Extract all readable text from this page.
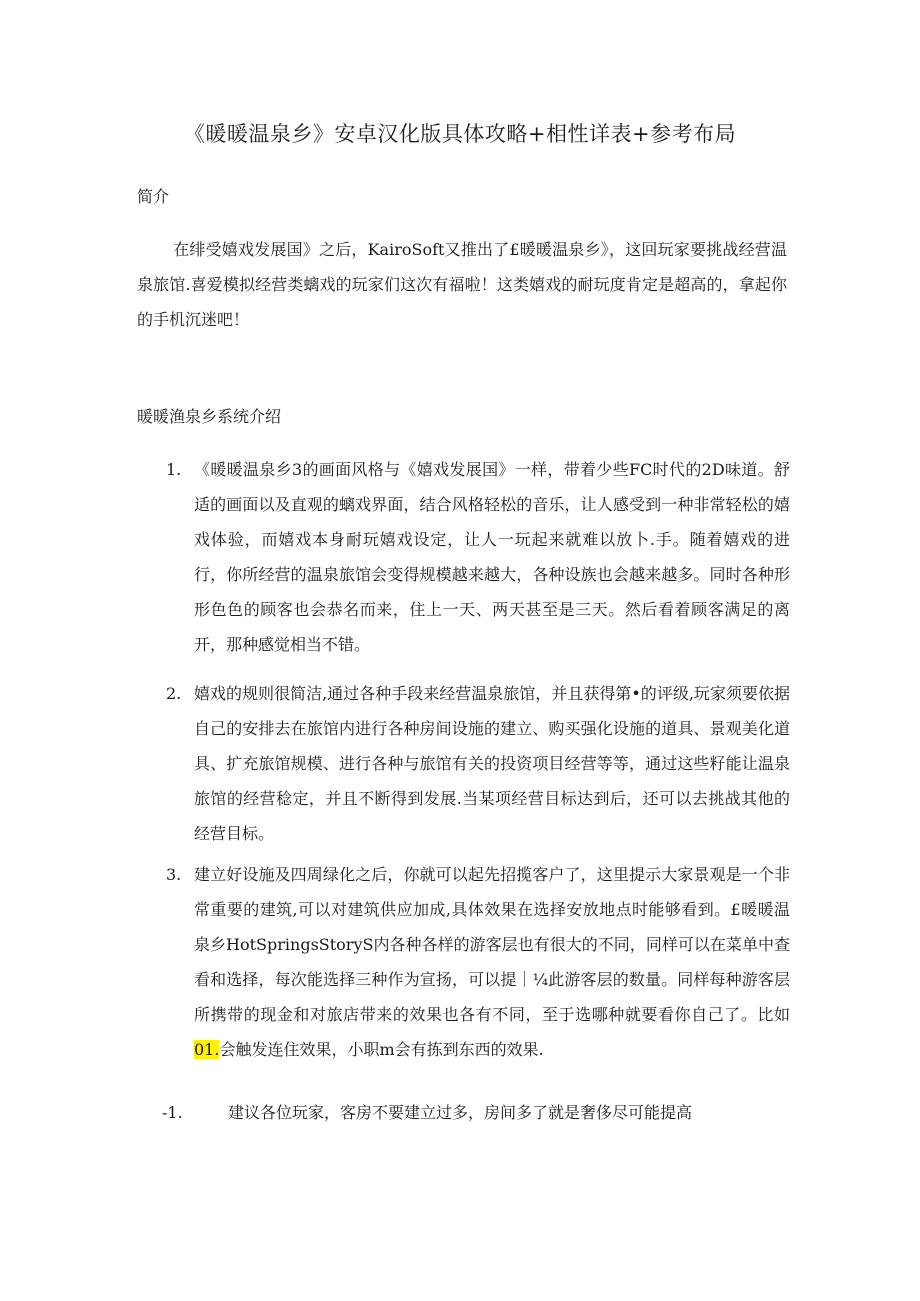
《暖暖温泉乡》安卓汉化版具体攻略+相性详表+参考布局
简介

在绯受嬉戏发展国》之后，KairoSoft又推出了£暖暖温泉乡》，这回玩家要挑战经营温泉旅馆.喜爱模拟经营类螭戏的玩家们这次有福啦！这类嬉戏的耐玩度肯定是超高的，拿起你的手机沉迷吧！

暖暖渔泉乡系统介绍
1. 《暖暖温泉乡3的画面风格与《嬉戏发展国》一样，带着少些FC时代的2D味道。舒适的画面以及直观的螭戏界面，结合风格轻松的音乐，让人感受到一种非常轻松的嬉戏体验，而嬉戏本身耐玩嬉戏设定，让人一玩起来就难以放卜.手。随着嬉戏的进行，你所经营的温泉旅馆会变得规模越来越大，各种设族也会越来越多。同时各种形形色色的顾客也会恭名而来，住上一天、两天甚至是三天。然后看着顾客满足的离开，那种感觉相当不错。
2. 嬉戏的规则很简洁,通过各种手段来经营温泉旅馆，并且获得第•的评级,玩家须要依据自己的安排去在旅馆内进行各种房间设施的建立、购买强化设施的道具、景观美化道具、扩充旅馆规模、进行各种与旅馆有关的投资项目经营等等，通过这些籽能让温泉旅馆的经营稔定，并且不断得到发展.当某项经营目标达到后，还可以去挑战其他的经营目标。
3. 建立好设施及四周绿化之后，你就可以起先招揽客户了，这里提示大家景观是一个非常重要的建筑,可以对建筑供应加成,具体效果在选择安放地点时能够看到。£暖暖温泉乡HotSpringsStoryS内各种各样的游客层也有很大的不同，同样可以在菜单中查看和选择，每次能选择三种作为宣扬，可以提｜¼此游客层的数量。同样每种游客层所携带的现金和对旅店带来的效果也各有不同，至于选哪种就要看你自己了。比如01.会触发连住效果，小职m会有拣到东西的效果.

-1.	建议各位玩家，客房不要建立过多，房间多了就是奢侈尽可能提高
